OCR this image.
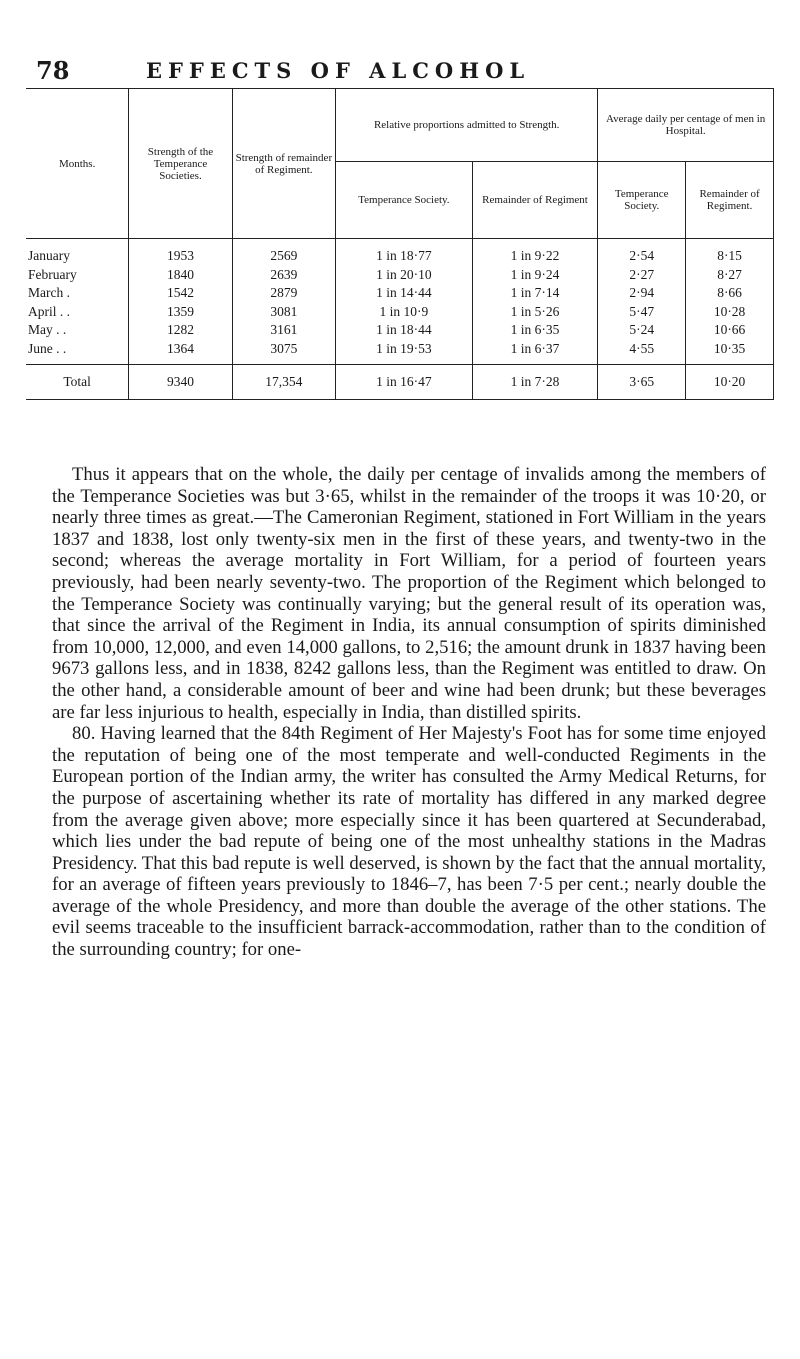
78	EFFECTS OF ALCOHOL
Months.	Strength of the Temperance Societies.	Strength of remainder of Regiment.	Relative proportions admitted to Strength.		Average daily per centage of men in Hospital.	
			Temperance Society.	Remainder of Regiment	Temperance Society.	Remainder of Regiment.
January	1953	2569	1 in 18·77	1 in 9·22	2·54	8·15
February	1840	2639	1 in 20·10	1 in 9·24	2·27	8·27
March .	1542	2879	1 in 14·44	1 in 7·14	2·94	8·66
April . .	1359	3081	1 in 10·9	1 in 5·26	5·47	10·28
May . .	1282	3161	1 in 18·44	1 in 6·35	5·24	10·66
June . .	1364	3075	1 in 19·53	1 in 6·37	4·55	10·35
Total	9340	17,354	1 in 16·47	1 in 7·28	3·65	10·20

Thus it appears that on the whole, the daily per centage of invalids among the members of the Temperance Societies was but 3·65, whilst in the remainder of the troops it was 10·20, or nearly three times as great.—The Cameronian Regiment, stationed in Fort William in the years 1837 and 1838, lost only twenty-six men in the first of these years, and twenty-two in the second; whereas the average mortality in Fort William, for a period of fourteen years previously, had been nearly seventy-two. The proportion of the Regiment which belonged to the Temperance Society was continually varying; but the general result of its operation was, that since the arrival of the Regiment in India, its annual consumption of spirits diminished from 10,000, 12,000, and even 14,000 gallons, to 2,516; the amount drunk in 1837 having been 9673 gallons less, and in 1838, 8242 gallons less, than the Regiment was entitled to draw. On the other hand, a considerable amount of beer and wine had been drunk; but these beverages are far less injurious to health, especially in India, than distilled spirits.

80. Having learned that the 84th Regiment of Her Majesty's Foot has for some time enjoyed the reputation of being one of the most temperate and well-conducted Regiments in the European portion of the Indian army, the writer has consulted the Army Medical Returns, for the purpose of ascertaining whether its rate of mortality has differed in any marked degree from the average given above; more especially since it has been quartered at Secunderabad, which lies under the bad repute of being one of the most unhealthy stations in the Madras Presidency. That this bad repute is well deserved, is shown by the fact that the annual mortality, for an average of fifteen years previously to 1846–7, has been 7·5 per cent.; nearly double the average of the whole Presidency, and more than double the average of the other stations. The evil seems traceable to the insufficient barrack-accommodation, rather than to the condition of the surrounding country; for one-
